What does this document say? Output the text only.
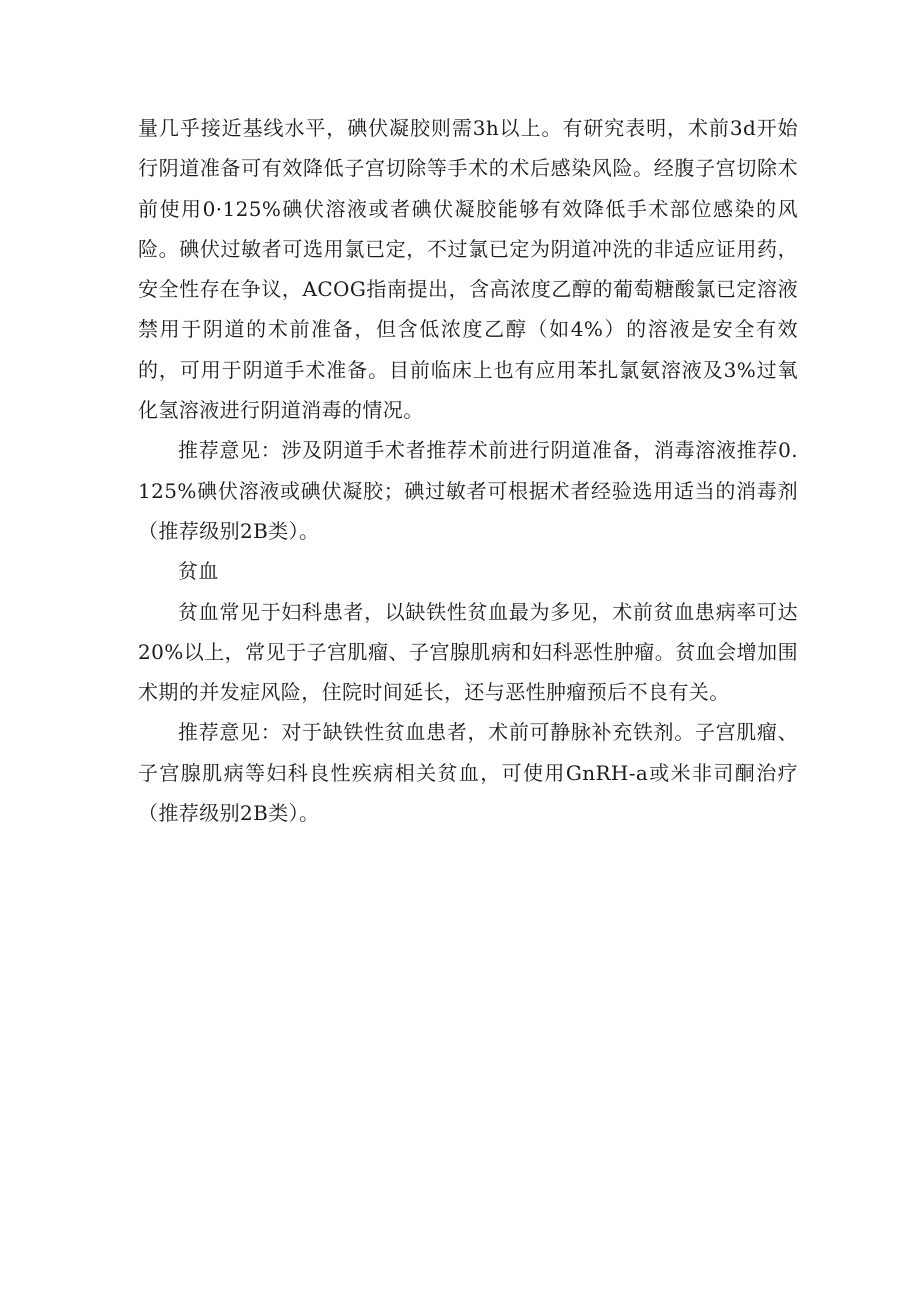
量几乎接近基线水平，碘伏凝胶则需3h以上。有研究表明，术前3d开始行阴道准备可有效降低子宫切除等手术的术后感染风险。经腹子宫切除术前使用0·125%碘伏溶液或者碘伏凝胶能够有效降低手术部位感染的风险。碘伏过敏者可选用氯已定，不过氯已定为阴道冲洗的非适应证用药，安全性存在争议，ACOG指南提出，含高浓度乙醇的葡萄糖酸氯已定溶液禁用于阴道的术前准备，但含低浓度乙醇（如4%）的溶液是安全有效的，可用于阴道手术准备。目前临床上也有应用苯扎氯氨溶液及3%过氧化氢溶液进行阴道消毒的情况。

推荐意见：涉及阴道手术者推荐术前进行阴道准备，消毒溶液推荐0.125%碘伏溶液或碘伏凝胶；碘过敏者可根据术者经验选用适当的消毒剂（推荐级别2B类）。

贫血

贫血常见于妇科患者，以缺铁性贫血最为多见，术前贫血患病率可达20%以上，常见于子宫肌瘤、子宫腺肌病和妇科恶性肿瘤。贫血会增加围术期的并发症风险，住院时间延长，还与恶性肿瘤预后不良有关。

推荐意见：对于缺铁性贫血患者，术前可静脉补充铁剂。子宫肌瘤、子宫腺肌病等妇科良性疾病相关贫血，可使用GnRH-a或米非司酮治疗（推荐级别2B类）。
